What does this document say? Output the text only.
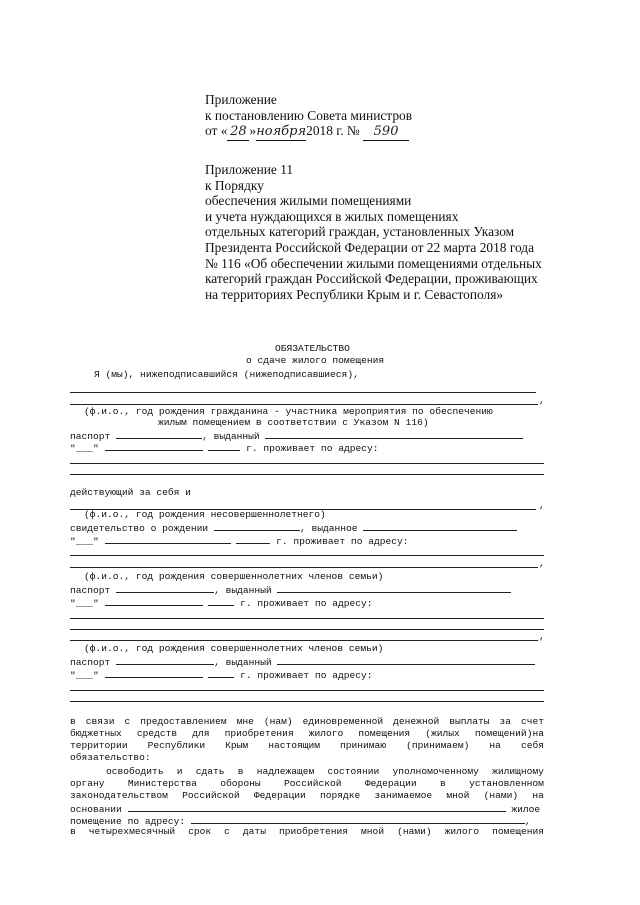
Приложение
к постановлению Совета министров
от « 28 »ноября2018 г. № 590
Приложение 11
к Порядку
обеспечения жилыми помещениями
и учета нуждающихся в жилых помещениях
отдельных категорий граждан, установленных Указом
Президента Российской Федерации от 22 марта 2018 года
№ 116 «Об обеспечении жилыми помещениями отдельных
категорий граждан Российской Федерации, проживающих
на территориях Республики Крым и г. Севастополя»
ОБЯЗАТЕЛЬСТВО
о сдаче жилого помещения
Я (мы), нижеподписавшийся (нижеподписавшиеся),
,
(ф.и.о., год рождения гражданина - участника мероприятия по обеспечению
жилым помещением в соответствии с Указом N 116)
паспорт	, выданный
"___"	г. проживает по адресу:
действующий за себя и
,
(ф.и.о., год рождения несовершеннолетнего)
свидетельство о рождении	, выданное
"___"	г. проживает по адресу:
,
(ф.и.о., год рождения совершеннолетних членов семьи)
паспорт	, выданный
"___"	г. проживает по адресу:
,
(ф.и.о., год рождения совершеннолетних членов семьи)
паспорт	, выданный
"___"	г. проживает по адресу:
в связи с предоставлением мне (нам) единовременной денежной выплаты за счет
бюджетных средств для приобретения жилого помещения (жилых помещений)на
территории Республики Крым настоящим принимаю (принимаем) на себя
обязательство:
освободить и сдать в надлежащем состоянии уполномоченному жилищному
органу Министерства обороны Российской Федерации в установленном
законодательством Российской Федерации порядке занимаемое мной (нами) на
основании	жилое
помещение по адресу:	,
в четырехмесячный срок с даты приобретения мной (нами) жилого помещения
